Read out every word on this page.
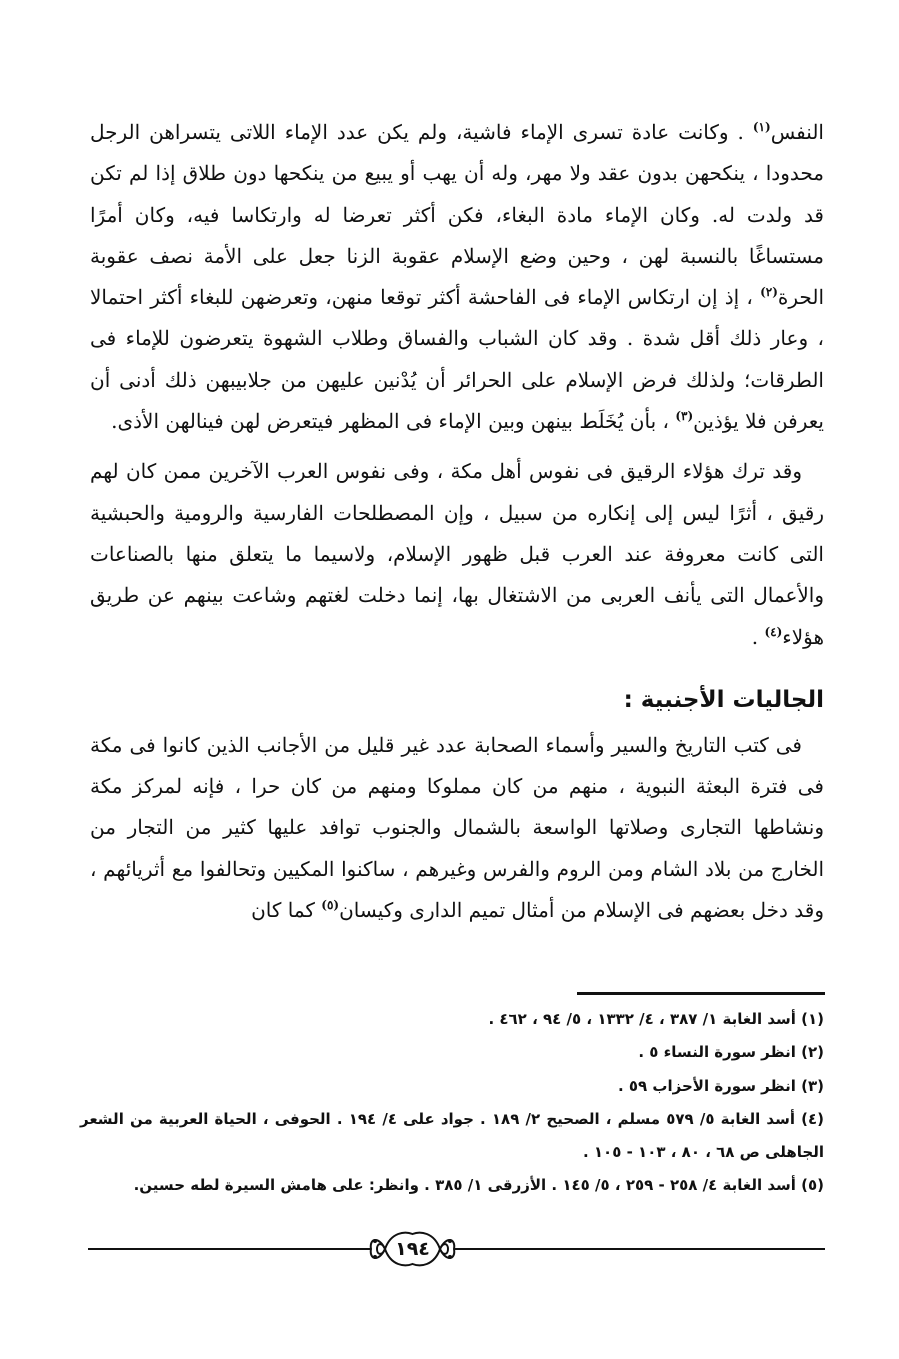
النفس$^{(١)}$ . وكانت عادة تسرى الإماء فاشية، ولم يكن عدد الإماء اللاتى يتسراهن الرجل محدودا ، ينكحهن بدون عقد ولا مهر، وله أن يهب أو يبيع من ينكحها دون طلاق إذا لم تكن قد ولدت له. وكان الإماء مادة البغاء، فكن أكثر تعرضا له وارتكاسا فيه، وكان أمرًا مستساغًا بالنسبة لهن ، وحين وضع الإسلام عقوبة الزنا جعل على الأمة نصف عقوبة الحرة$^{(٢)}$ ، إذ إن ارتكاس الإماء فى الفاحشة أكثر توقعا منهن، وتعرضهن للبغاء أكثر احتمالا ، وعار ذلك أقل شدة . وقد كان الشباب والفساق وطلاب الشهوة يتعرضون للإماء فى الطرقات؛ ولذلك فرض الإسلام على الحرائر أن يُدْنين عليهن من جلابيبهن ذلك أدنى أن يعرفن فلا يؤذين$^{(٣)}$ ، بأن يُخَلَط بينهن وبين الإماء فى المظهر فيتعرض لهن فينالهن الأذى.

وقد ترك هؤلاء الرقيق فى نفوس أهل مكة ، وفى نفوس العرب الآخرين ممن كان لهم رقيق ، أثرًا ليس إلى إنكاره من سبيل ، وإن المصطلحات الفارسية والرومية والحبشية التى كانت معروفة عند العرب قبل ظهور الإسلام، ولاسيما ما يتعلق منها بالصناعات والأعمال التى يأنف العربى من الاشتغال بها، إنما دخلت لغتهم وشاعت بينهم عن طريق هؤلاء$^{(٤)}$ .

الجاليات الأجنبية :

فى كتب التاريخ والسير وأسماء الصحابة عدد غير قليل من الأجانب الذين كانوا فى مكة فى فترة البعثة النبوية ، منهم من كان مملوكا ومنهم من كان حرا ، فإنه لمركز مكة ونشاطها التجارى وصلاتها الواسعة بالشمال والجنوب توافد عليها كثير من التجار من الخارج من بلاد الشام ومن الروم والفرس وغيرهم ، ساكنوا المكيين وتحالفوا مع أثريائهم ، وقد دخل بعضهم فى الإسلام من أمثال تميم الدارى وكيسان$^{(٥)}$ كما كان

(١) أسد الغابة ١/ ٣٨٧ ، ٤/ ١٣٣٢ ، ٥/ ٩٤ ، ٤٦٢ .

(٢) انظر سورة النساء ٥ .

(٣) انظر سورة الأحزاب ٥٩ .

(٤) أسد الغابة ٥/ ٥٧٩ مسلم ، الصحيح ٢/ ١٨٩ . جواد على ٤/ ١٩٤ . الحوفى ، الحياة العربية من الشعر الجاهلى ص ٦٨ ، ٨٠ ، ١٠٣ - ١٠٥ .

(٥) أسد الغابة ٤/ ٢٥٨ - ٢٥٩ ، ٥/ ١٤٥ . الأزرقى ١/ ٣٨٥ . وانظر: على هامش السيرة لطه حسين.

١٩٤
